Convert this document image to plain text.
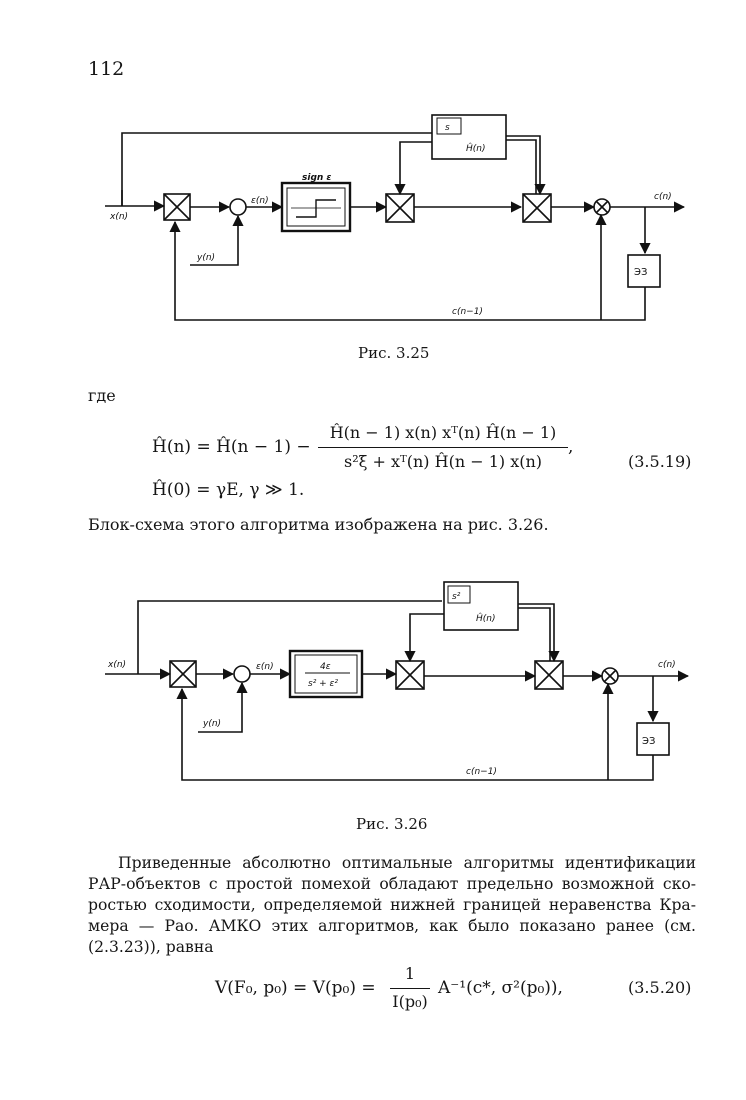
112
x(n)
y(n)
ε(n)
sign ε
s
Ĥ(n)
c(n)
ЭЗ
c(n−1)
Рис. 3.25
где
Ĥ(n) = Ĥ(n − 1) −
Ĥ(n − 1) x(n) xᵀ(n) Ĥ(n − 1)
s²ξ + xᵀ(n) Ĥ(n − 1) x(n)
,
(3.5.19)
Ĥ(0) = γE, γ ≫ 1.
Блок-схема этого алгоритма изображена на рис. 3.26.
x(n)
y(n)
ε(n)	4ε
s² + ε²
s²
Ĥ(n)
c(n)
ЭЗ
c(n−1)
Рис. 3.26
Приведенные абсолютно оптимальные алгоритмы идентификации
РАР-объектов с простой помехой обладают предельно возможной ско-
ростью сходимости, определяемой нижней границей неравенства Кра-
мера — Рао. АМКО этих алгоритмов, как было показано ранее (см.
(2.3.23)), равна
V(F₀, p₀) = V(p₀) =
1
I(p₀)
A⁻¹(c*, σ²(p₀)),	(3.5.20)
